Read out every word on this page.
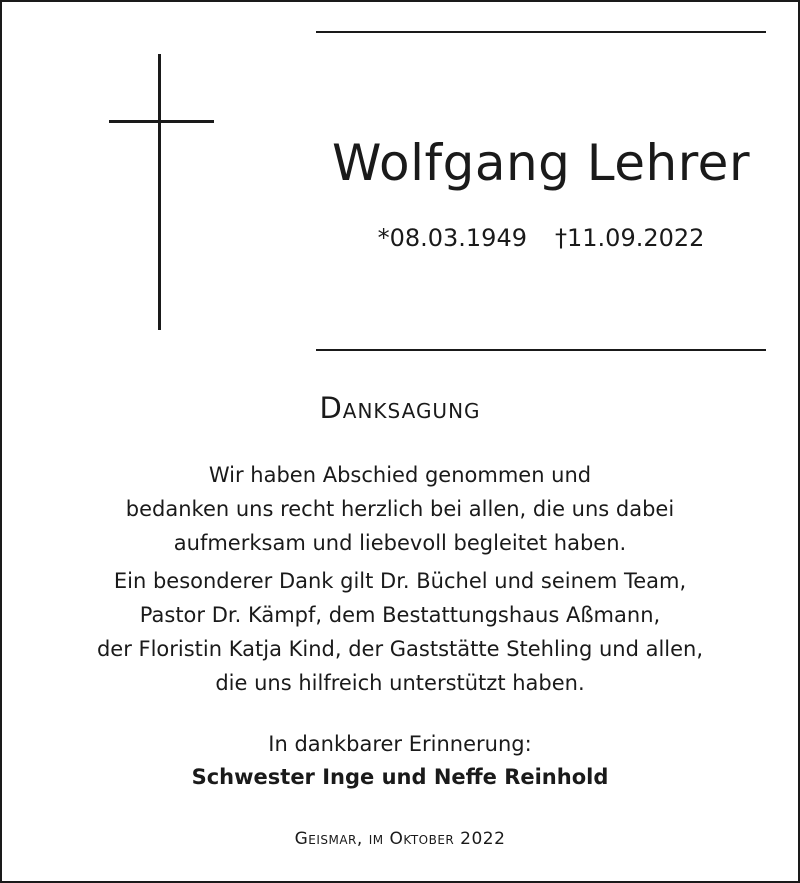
Wolfgang Lehrer
*08.03.1949 †11.09.2022
Danksagung
Wir haben Abschied genommen und
bedanken uns recht herzlich bei allen, die uns dabei
aufmerksam und liebevoll begleitet haben.
Ein besonderer Dank gilt Dr. Büchel und seinem Team,
Pastor Dr. Kämpf, dem Bestattungshaus Aßmann,
der Floristin Katja Kind, der Gaststätte Stehling und allen,
die uns hilfreich unterstützt haben.
In dankbarer Erinnerung:
Schwester Inge und Neffe Reinhold
Geismar, im Oktober 2022
